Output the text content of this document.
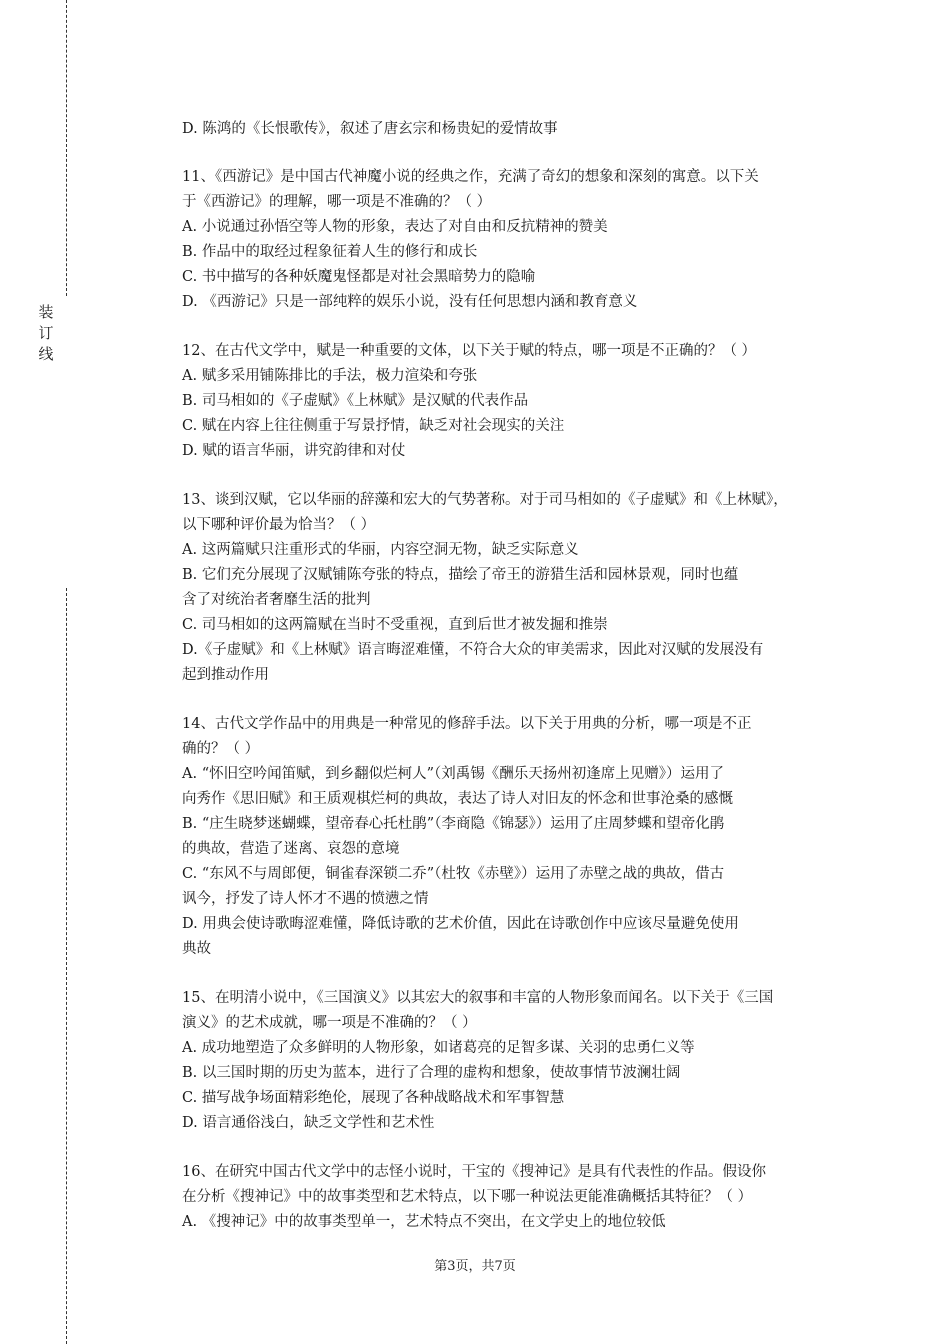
装订线
D. 陈鸿的《长恨歌传》，叙述了唐玄宗和杨贵妃的爱情故事
11、《西游记》是中国古代神魔小说的经典之作，充满了奇幻的想象和深刻的寓意。以下关
于《西游记》的理解，哪一项是不准确的？（ ）
A. 小说通过孙悟空等人物的形象，表达了对自由和反抗精神的赞美
B. 作品中的取经过程象征着人生的修行和成长
C. 书中描写的各种妖魔鬼怪都是对社会黑暗势力的隐喻
D. 《西游记》只是一部纯粹的娱乐小说，没有任何思想内涵和教育意义
12、在古代文学中，赋是一种重要的文体，以下关于赋的特点，哪一项是不正确的？（ ）
A. 赋多采用铺陈排比的手法，极力渲染和夸张
B. 司马相如的《子虚赋》《上林赋》是汉赋的代表作品
C. 赋在内容上往往侧重于写景抒情，缺乏对社会现实的关注
D. 赋的语言华丽，讲究韵律和对仗
13、谈到汉赋，它以华丽的辞藻和宏大的气势著称。对于司马相如的《子虚赋》和《上林赋》，
以下哪种评价最为恰当？（ ）
A. 这两篇赋只注重形式的华丽，内容空洞无物，缺乏实际意义
B. 它们充分展现了汉赋铺陈夸张的特点，描绘了帝王的游猎生活和园林景观，同时也蕴
含了对统治者奢靡生活的批判
C. 司马相如的这两篇赋在当时不受重视，直到后世才被发掘和推崇
D.《子虚赋》和《上林赋》语言晦涩难懂，不符合大众的审美需求，因此对汉赋的发展没有
起到推动作用
14、古代文学作品中的用典是一种常见的修辞手法。以下关于用典的分析，哪一项是不正
确的？（ ）
A. “怀旧空吟闻笛赋，到乡翻似烂柯人”（刘禹锡《酬乐天扬州初逢席上见赠》）运用了
向秀作《思旧赋》和王质观棋烂柯的典故，表达了诗人对旧友的怀念和世事沧桑的感慨
B. “庄生晓梦迷蝴蝶，望帝春心托杜鹃”（李商隐《锦瑟》）运用了庄周梦蝶和望帝化鹃
的典故，营造了迷离、哀怨的意境
C. “东风不与周郎便，铜雀春深锁二乔”（杜牧《赤壁》）运用了赤壁之战的典故，借古
讽今，抒发了诗人怀才不遇的愤懑之情
D. 用典会使诗歌晦涩难懂，降低诗歌的艺术价值，因此在诗歌创作中应该尽量避免使用
典故
15、在明清小说中，《三国演义》以其宏大的叙事和丰富的人物形象而闻名。以下关于《三国
演义》的艺术成就，哪一项是不准确的？（ ）
A. 成功地塑造了众多鲜明的人物形象，如诸葛亮的足智多谋、关羽的忠勇仁义等
B. 以三国时期的历史为蓝本，进行了合理的虚构和想象，使故事情节波澜壮阔
C. 描写战争场面精彩绝伦，展现了各种战略战术和军事智慧
D. 语言通俗浅白，缺乏文学性和艺术性
16、在研究中国古代文学中的志怪小说时，干宝的《搜神记》是具有代表性的作品。假设你
在分析《搜神记》中的故事类型和艺术特点，以下哪一种说法更能准确概括其特征？（ ）
A. 《搜神记》中的故事类型单一，艺术特点不突出，在文学史上的地位较低
第3页，共7页
